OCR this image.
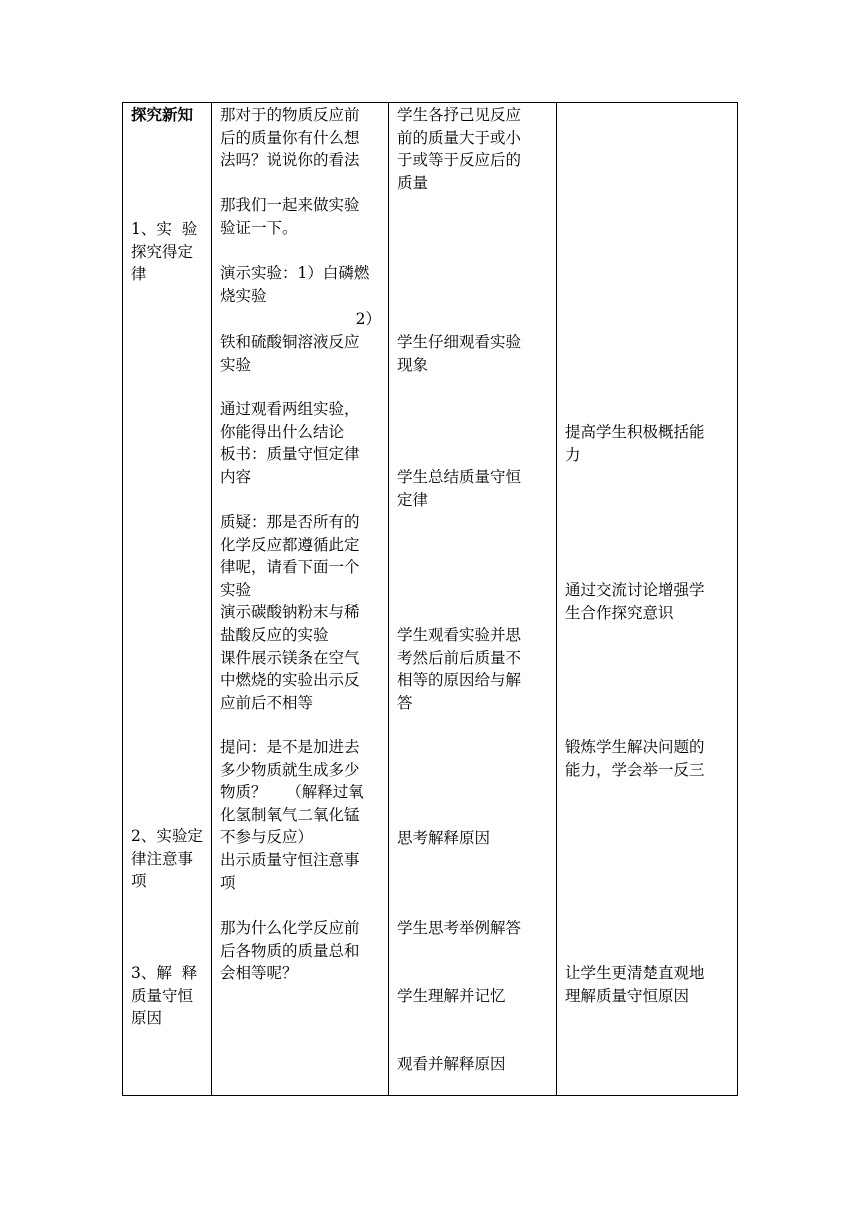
探究新知
1、实  验
探究得定
律
2、实验定
律注意事
项
3、解  释
质量守恒
原因
那对于的物质反应前
后的质量你有什么想
法吗？说说你的看法
那我们一起来做实验
验证一下。
演示实验：1）白磷燃
烧实验
2）
铁和硫酸铜溶液反应
实验
通过观看两组实验，
你能得出什么结论
板书：质量守恒定律
内容
质疑：那是否所有的
化学反应都遵循此定
律呢，请看下面一个
实验
演示碳酸钠粉末与稀
盐酸反应的实验
课件展示镁条在空气
中燃烧的实验出示反
应前后不相等
提问：是不是加进去
多少物质就生成多少
物质？    （解释过氧
化氢制氧气二氧化锰
不参与反应）
出示质量守恒注意事
项
那为什么化学反应前
后各物质的质量总和
会相等呢？
学生各抒己见反应
前的质量大于或小
于或等于反应后的
质量
学生仔细观看实验
现象
学生总结质量守恒
定律
学生观看实验并思
考然后前后质量不
相等的原因给与解
答
思考解释原因
学生思考举例解答
学生理解并记忆
观看并解释原因
提高学生积极概括能
力
通过交流讨论增强学
生合作探究意识
锻炼学生解决问题的
能力，学会举一反三
让学生更清楚直观地
理解质量守恒原因
